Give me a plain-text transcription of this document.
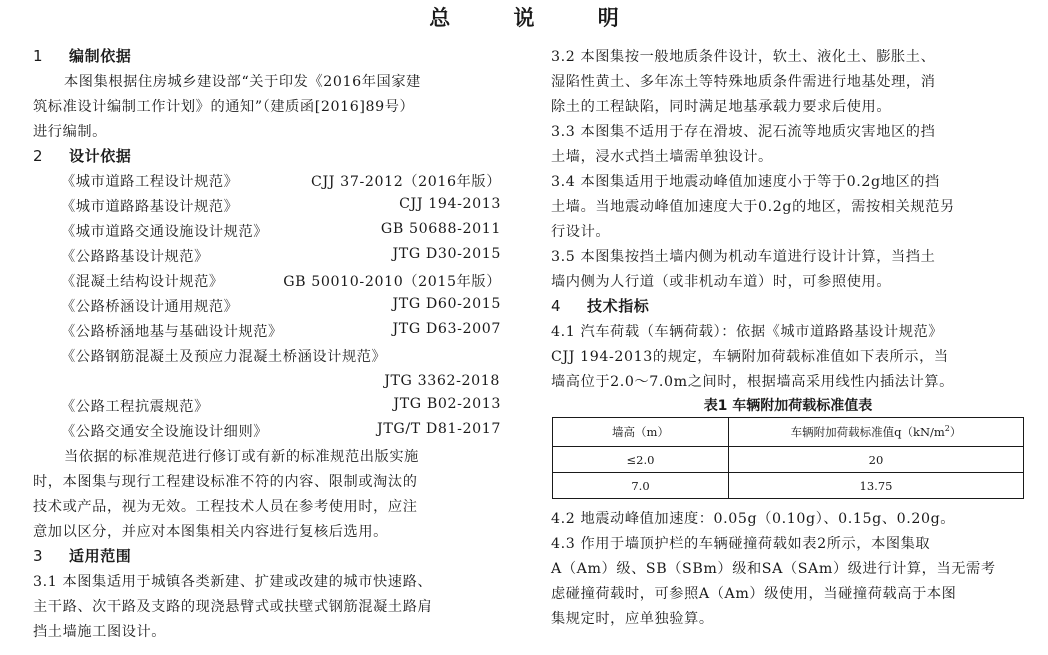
总 说 明
1	编制依据
本图集根据住房城乡建设部“关于印发《2016年国家建
筑标准设计编制工作计划》的通知”（建质函[2016]89号）
进行编制。
2	设计依据
《城市道路工程设计规范》	CJJ 37-2012（2016年版）
《城市道路路基设计规范》	CJJ 194-2013
《城市道路交通设施设计规范》	GB 50688-2011
《公路路基设计规范》	JTG D30-2015
《混凝土结构设计规范》	GB 50010-2010（2015年版）
《公路桥涵设计通用规范》	JTG D60-2015
《公路桥涵地基与基础设计规范》	JTG D63-2007
《公路钢筋混凝土及预应力混凝土桥涵设计规范》
JTG 3362-2018
《公路工程抗震规范》	JTG B02-2013
《公路交通安全设施设计细则》	JTG/T D81-2017
当依据的标准规范进行修订或有新的标准规范出版实施
时，本图集与现行工程建设标准不符的内容、限制或淘汰的
技术或产品，视为无效。工程技术人员在参考使用时，应注
意加以区分，并应对本图集相关内容进行复核后选用。
3	适用范围
3.1 本图集适用于城镇各类新建、扩建或改建的城市快速路、
主干路、次干路及支路的现浇悬臂式或扶壁式钢筋混凝土路肩
挡土墙施工图设计。
3.2 本图集按一般地质条件设计，软土、液化土、膨胀土、
湿陷性黄土、多年冻土等特殊地质条件需进行地基处理，消
除土的工程缺陷，同时满足地基承载力要求后使用。
3.3 本图集不适用于存在滑坡、泥石流等地质灾害地区的挡
土墙，浸水式挡土墙需单独设计。
3.4 本图集适用于地震动峰值加速度小于等于0.2g地区的挡
土墙。当地震动峰值加速度大于0.2g的地区，需按相关规范另
行设计。
3.5 本图集按挡土墙内侧为机动车道进行设计计算，当挡土
墙内侧为人行道（或非机动车道）时，可参照使用。
4	技术指标
4.1 汽车荷载（车辆荷载）：依据《城市道路路基设计规范》
CJJ 194-2013的规定，车辆附加荷载标准值如下表所示，当
墙高位于2.0～7.0m之间时，根据墙高采用线性内插法计算。
表1 车辆附加荷载标准值表
墙高（m）	车辆附加荷载标准值$q(kN/m^2)$
≤2.0	20
7.0	13.75
4.2 地震动峰值加速度：0.05g（0.10g）、0.15g、0.20g。
4.3 作用于墙顶护栏的车辆碰撞荷载如表2所示，本图集取
A（Am）级、SB（SBm）级和SA（SAm）级进行计算，当无需考
虑碰撞荷载时，可参照A（Am）级使用，当碰撞荷载高于本图
集规定时，应单独验算。
